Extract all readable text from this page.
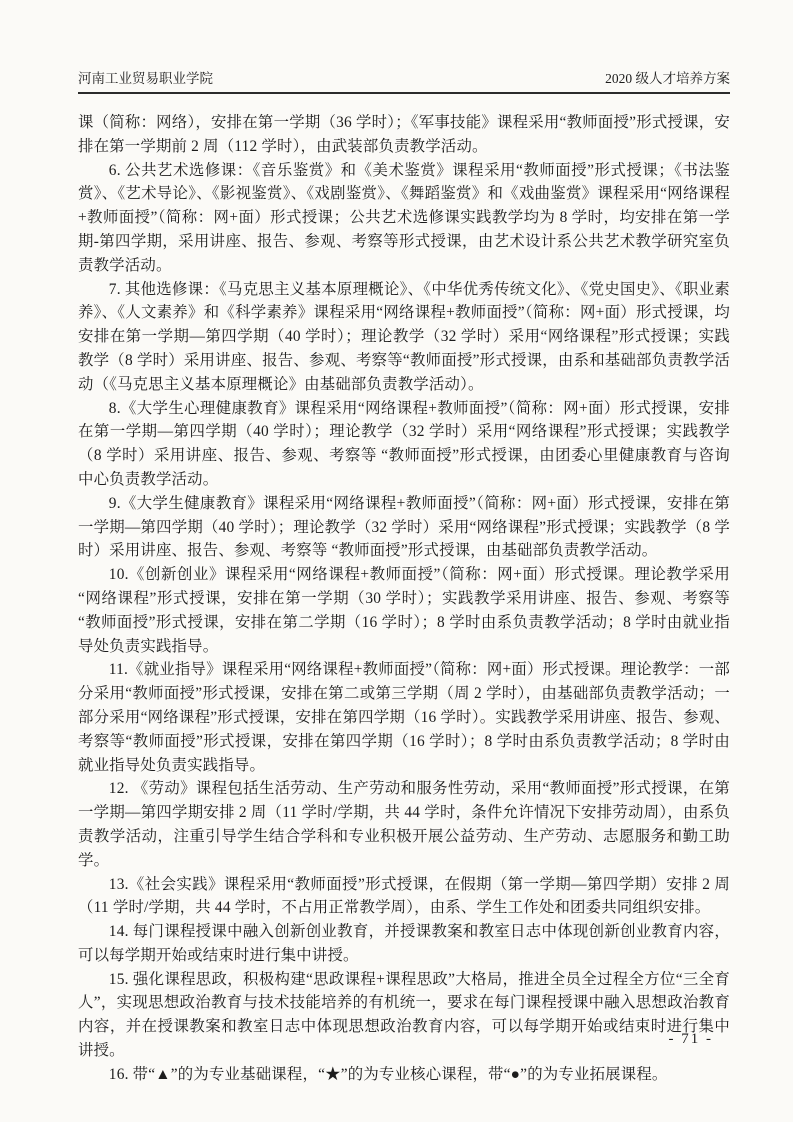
河南工业贸易职业学院	2020 级人才培养方案

课（简称：网络），安排在第一学期（36 学时）；《军事技能》课程采用“教师面授”形式授课，安排在第一学期前 2 周（112 学时），由武装部负责教学活动。

6. 公共艺术选修课：《音乐鉴赏》和《美术鉴赏》课程采用“教师面授”形式授课；《书法鉴赏》、《艺术导论》、《影视鉴赏》、《戏剧鉴赏》、《舞蹈鉴赏》和《戏曲鉴赏》课程采用“网络课程+教师面授”（简称：网+面）形式授课；公共艺术选修课实践教学均为 8 学时，均安排在第一学期-第四学期，采用讲座、报告、参观、考察等形式授课，由艺术设计系公共艺术教学研究室负责教学活动。

7. 其他选修课：《马克思主义基本原理概论》、《中华优秀传统文化》、《党史国史》、《职业素养》、《人文素养》和《科学素养》课程采用“网络课程+教师面授”（简称：网+面）形式授课，均安排在第一学期—第四学期（40 学时）；理论教学（32 学时）采用“网络课程”形式授课；实践教学（8 学时）采用讲座、报告、参观、考察等“教师面授”形式授课，由系和基础部负责教学活动（《马克思主义基本原理概论》由基础部负责教学活动）。

8.《大学生心理健康教育》课程采用“网络课程+教师面授”（简称：网+面）形式授课，安排在第一学期—第四学期（40 学时）；理论教学（32 学时）采用“网络课程”形式授课；实践教学（8 学时）采用讲座、报告、参观、考察等 “教师面授”形式授课，由团委心里健康教育与咨询中心负责教学活动。

9.《大学生健康教育》课程采用“网络课程+教师面授”（简称：网+面）形式授课，安排在第一学期—第四学期（40 学时）；理论教学（32 学时）采用“网络课程”形式授课；实践教学（8 学时）采用讲座、报告、参观、考察等 “教师面授”形式授课，由基础部负责教学活动。

10.《创新创业》课程采用“网络课程+教师面授”（简称：网+面）形式授课。理论教学采用“网络课程”形式授课，安排在第一学期（30 学时）；实践教学采用讲座、报告、参观、考察等“教师面授”形式授课，安排在第二学期（16 学时）；8 学时由系负责教学活动；8 学时由就业指导处负责实践指导。

11.《就业指导》课程采用“网络课程+教师面授”（简称：网+面）形式授课。理论教学：一部分采用“教师面授”形式授课，安排在第二或第三学期（周 2 学时），由基础部负责教学活动；一部分采用“网络课程”形式授课，安排在第四学期（16 学时）。实践教学采用讲座、报告、参观、考察等“教师面授”形式授课，安排在第四学期（16 学时）；8 学时由系负责教学活动；8 学时由就业指导处负责实践指导。

12. 《劳动》课程包括生活劳动、生产劳动和服务性劳动，采用“教师面授”形式授课，在第一学期—第四学期安排 2 周（11 学时/学期，共 44 学时，条件允许情况下安排劳动周），由系负责教学活动，注重引导学生结合学科和专业积极开展公益劳动、生产劳动、志愿服务和勤工助学。

13.《社会实践》课程采用“教师面授”形式授课，在假期（第一学期—第四学期）安排 2 周（11 学时/学期，共 44 学时，不占用正常教学周），由系、学生工作处和团委共同组织安排。

14. 每门课程授课中融入创新创业教育，并授课教案和教室日志中体现创新创业教育内容，可以每学期开始或结束时进行集中讲授。

15. 强化课程思政，积极构建“思政课程+课程思政”大格局，推进全员全过程全方位“三全育人”，实现思想政治教育与技术技能培养的有机统一，要求在每门课程授课中融入思想政治教育内容，并在授课教案和教室日志中体现思想政治教育内容，可以每学期开始或结束时进行集中讲授。

16. 带“▲”的为专业基础课程，“★”的为专业核心课程，带“●”的为专业拓展课程。

- 71 -
